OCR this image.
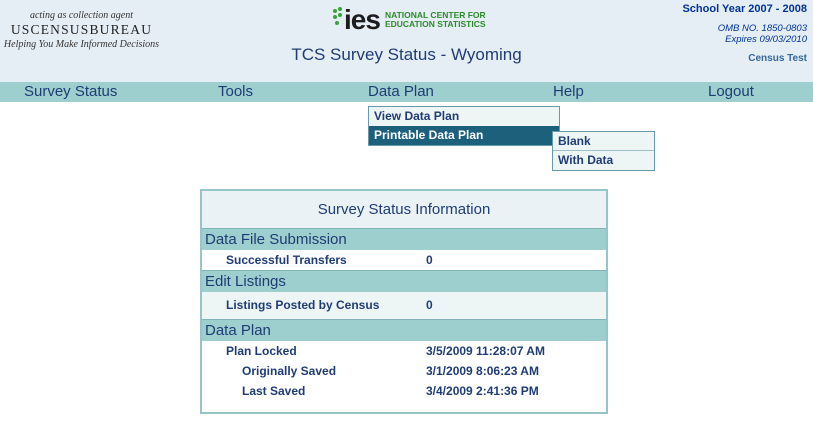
acting as collection agent
USCENSUSBUREAU
Helping You Make Informed Decisions
ies NATIONAL CENTER FOR
EDUCATION STATISTICS
TCS Survey Status - Wyoming
School Year 2007 - 2008
OMB NO. 1850-0803
Expires 09/03/2010
Census Test
Survey Status	Tools	Data Plan	Help	Logout
View Data Plan
Printable Data Plan	Blank
With Data
Survey Status Information
Data File Submission
Successful Transfers	0
Edit Listings
Listings Posted by Census	0
Data Plan
Plan Locked	3/5/2009 11:28:07 AM
Originally Saved	3/1/2009 8:06:23 AM
Last Saved	3/4/2009 2:41:36 PM
